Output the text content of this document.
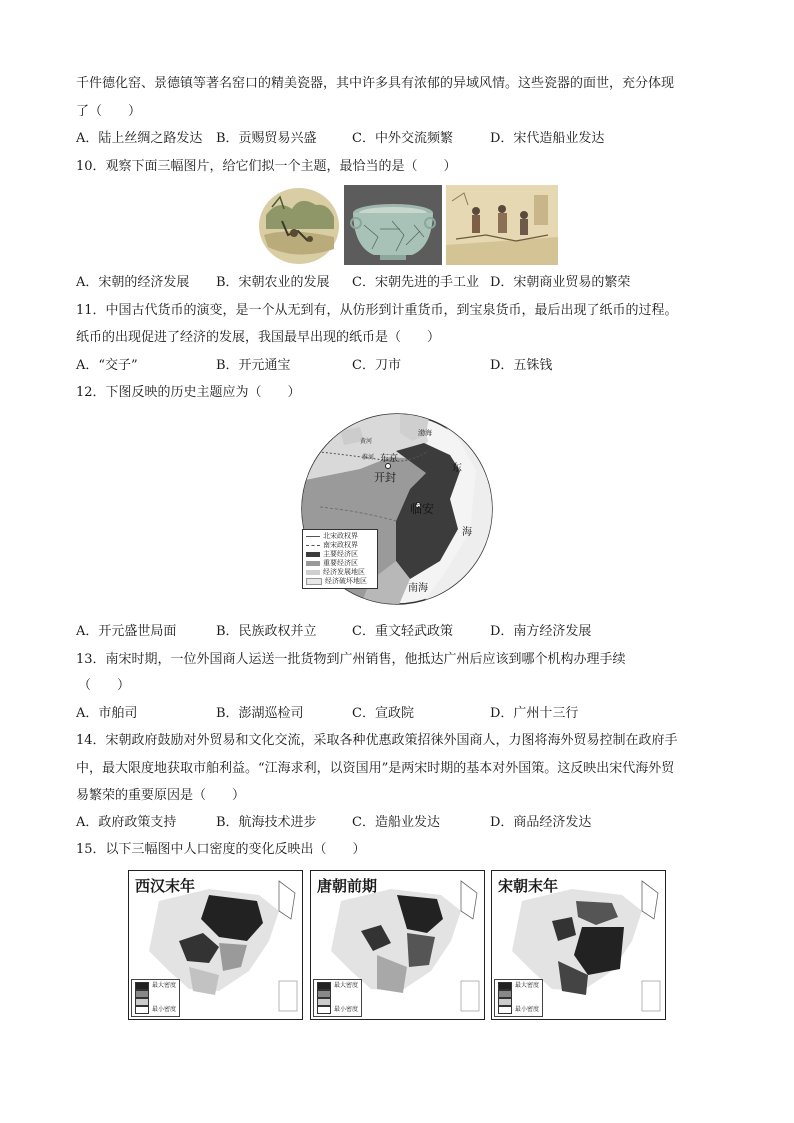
千件德化窑、景德镇等著名窑口的精美瓷器，其中许多具有浓郁的异域风情。这些瓷器的面世，充分体现
了（　　）
A．陆上丝绸之路发达 B．贡赐贸易兴盛	C．中外交流频繁	D．宋代造船业发达
10．观察下面三幅图片，给它们拟一个主题，最恰当的是（　　）
A．宋朝的经济发展 B．宋朝农业的发展 C．宋朝先进的手工业 D．宋朝商业贸易的繁荣
11．中国古代货币的演变，是一个从无到有，从仿形到计重货币，到宝泉货币，最后出现了纸币的过程。
纸币的出现促进了经济的发展，我国最早出现的纸币是（　　）
A．“交子”	B．开元通宝	C．刀市	D．五铢钱
12．下图反映的历史主题应为（　　）
渤海
黄河
淮河 东京
开封
临安
东
海
南海
北宋政权界
南宋政权界
主要经济区
重要经济区
经济发展地区
经济破坏地区
A．开元盛世局面	B．民族政权并立	C．重文轻武政策	D．南方经济发展
13．南宋时期，一位外国商人运送一批货物到广州销售，他抵达广州后应该到哪个机构办理手续
（　　）
A．市舶司	B．澎湖巡检司	C．宣政院	D．广州十三行
14．宋朝政府鼓励对外贸易和文化交流，采取各种优惠政策招徕外国商人，力图将海外贸易控制在政府手
中，最大限度地获取市舶利益。“江海求利，以资国用”是两宋时期的基本对外国策。这反映出宋代海外贸
易繁荣的重要原因是（　　）
A．政府政策支持	B．航海技术进步	C．造船业发达	D．商品经济发达
15．以下三幅图中人口密度的变化反映出（　　）
西汉末年
最大密度
最小密度
唐朝前期
最大密度
最小密度
宋朝末年
最大密度
最小密度
